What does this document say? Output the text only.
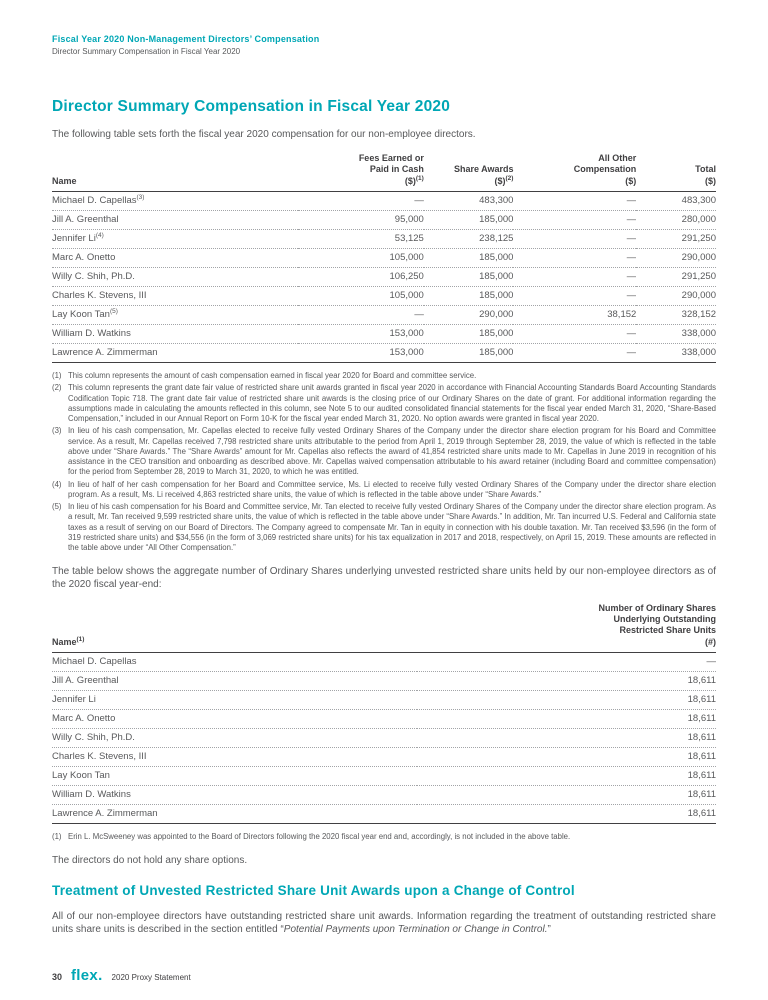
Fiscal Year 2020 Non-Management Directors’ Compensation
Director Summary Compensation in Fiscal Year 2020
Director Summary Compensation in Fiscal Year 2020

The following table sets forth the fiscal year 2020 compensation for our non-employee directors.

Name

Fees Earned or
Paid in Cash
($)$^{(1)}$

Share Awards
($)$^{(2)}$

All Other
Compensation
($)

Total
($)

Michael D. Capellas$^{(3)}$	—	483,300	—	483,300
Jill A. Greenthal	95,000	185,000	—	280,000
Jennifer Li$^{(4)}$	53,125	238,125	—	291,250
Marc A. Onetto	105,000	185,000	—	290,000
Willy C. Shih, Ph.D.	106,250	185,000	—	291,250
Charles K. Stevens, III	105,000	185,000	—	290,000
Lay Koon Tan$^{(5)}$	—	290,000	38,152	328,152
William D. Watkins	153,000	185,000	—	338,000
Lawrence A. Zimmerman	153,000	185,000	—	338,000
(1) This column represents the amount of cash compensation earned in fiscal year 2020 for Board and committee service.
(2) This column represents the grant date fair value of restricted share unit awards granted in fiscal year 2020 in accordance with Financial Accounting Standards Board Accounting Standards Codification Topic 718. The grant date fair value of restricted share unit awards is the closing price of our Ordinary Shares on the date of grant. For additional information regarding the assumptions made in calculating the amounts reflected in this column, see Note 5 to our audited consolidated financial statements for the fiscal year ended March 31, 2020, “Share-Based Compensation,” included in our Annual Report on Form 10-K for the fiscal year ended March 31, 2020. No option awards were granted in fiscal year 2020.
(3) In lieu of his cash compensation, Mr. Capellas elected to receive fully vested Ordinary Shares of the Company under the director share election program for his Board and Committee service. As a result, Mr. Capellas received 7,798 restricted share units attributable to the period from April 1, 2019 through September 28, 2019, the value of which is reflected in the table above under “Share Awards.” The “Share Awards” amount for Mr. Capellas also reflects the award of 41,854 restricted share units made to Mr. Capellas in June 2019 in recognition of his assistance in the CEO transition and onboarding as described above. Mr. Capellas waived compensation attributable to his award retainer (including Board and committee compensation) for the period from September 28, 2019 to March 31, 2020, to which he was entitled.
(4) In lieu of half of her cash compensation for her Board and Committee service, Ms. Li elected to receive fully vested Ordinary Shares of the Company under the director share election program. As a result, Ms. Li received 4,863 restricted share units, the value of which is reflected in the table above under “Share Awards.”
(5) In lieu of his cash compensation for his Board and Committee service, Mr. Tan elected to receive fully vested Ordinary Shares of the Company under the director share election program. As a result, Mr. Tan received 9,599 restricted share units, the value of which is reflected in the table above under “Share Awards.” In addition, Mr. Tan incurred U.S. Federal and California state taxes as a result of serving on our Board of Directors. The Company agreed to compensate Mr. Tan in equity in connection with his double taxation. Mr. Tan received $3,596 (in the form of 319 restricted share units) and $34,556 (in the form of 3,069 restricted share units) for his tax equalization in 2017 and 2018, respectively, on April 15, 2019. These amounts are reflected in the table above under “All Other Compensation.”

The table below shows the aggregate number of Ordinary Shares underlying unvested restricted share units held by our non-employee directors as of the 2020 fiscal year-end:

Name$^{(1)}$	Number of Ordinary Shares
Underlying Outstanding
Restricted Share Units
(#)

Michael D. Capellas	—
Jill A. Greenthal	18,611
Jennifer Li	18,611
Marc A. Onetto	18,611
Willy C. Shih, Ph.D.	18,611
Charles K. Stevens, III	18,611
Lay Koon Tan	18,611
William D. Watkins	18,611
Lawrence A. Zimmerman	18,611
(1) Erin L. McSweeney was appointed to the Board of Directors following the 2020 fiscal year end and, accordingly, is not included in the above table.

The directors do not hold any share options.

Treatment of Unvested Restricted Share Unit Awards upon a Change of Control

All of our non-employee directors have outstanding restricted share unit awards. Information regarding the treatment of outstanding restricted share units share units is described in the section entitled “Potential Payments upon Termination or Change in Control.”

30 flex. 2020 Proxy Statement
